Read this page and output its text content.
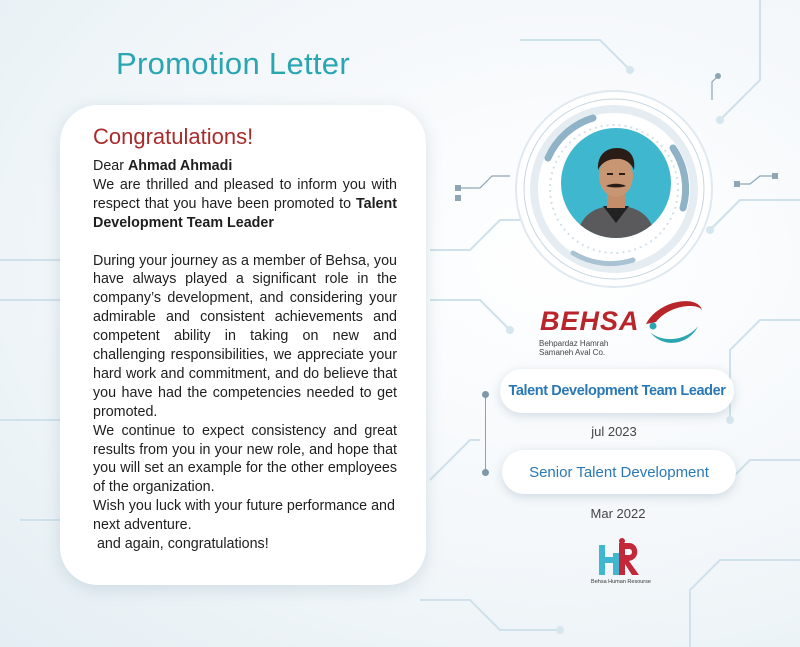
Promotion Letter
Congratulations!

Dear Ahmad Ahmadi

We are thrilled and pleased to inform you with respect that you have been promoted to Talent Development Team Leader

During your journey as a member of Behsa, you have always played a significant role in the company’s development, and considering your admirable and consistent achievements and competent ability in taking on new and challenging responsibilities, we appreciate your hard work and commitment, and do believe that you have had the competencies needed to get promoted.

We continue to expect consistency and great results from you in your new role, and hope that you will set an example for the other employees of the organization.

Wish you luck with your future performance and next adventure.

and again, congratulations!

BEHSA
Behpardaz Hamrah
Samaneh Aval Co.
Talent Development Team Leader
jul 2023
Senior Talent Development
Mar 2022
Behsa Human Resourse
